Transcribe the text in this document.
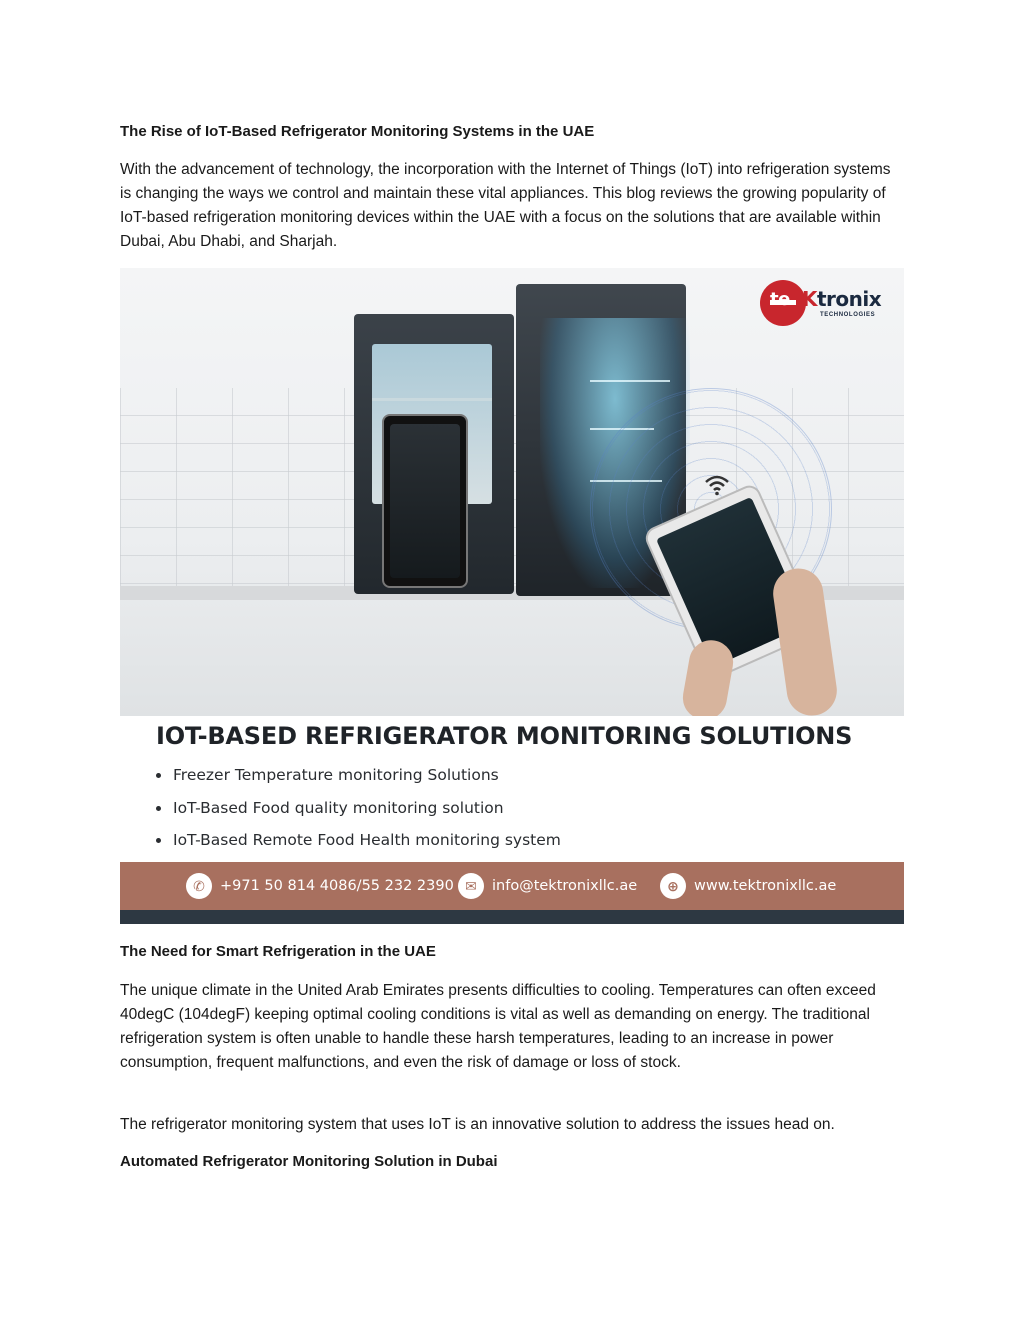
The Rise of IoT-Based Refrigerator Monitoring Systems in the UAE

With the advancement of technology, the incorporation with the Internet of Things (IoT) into refrigeration systems is changing the ways we control and maintain these vital appliances. This blog reviews the growing popularity of IoT-based refrigeration monitoring devices within the UAE with a focus on the solutions that are available within Dubai, Abu Dhabi, and Sharjah.

te Ktronix
TECHNOLOGIES
IOT-BASED REFRIGERATOR MONITORING SOLUTIONS
Freezer Temperature monitoring Solutions
IoT-Based Food quality monitoring solution
IoT-Based Remote Food Health monitoring system
✆	+971 50 814 4086/55 232 2390 ✉	info@tektronixllc.ae	⊕	www.tektronixllc.ae
The Need for Smart Refrigeration in the UAE

The unique climate in the United Arab Emirates presents difficulties to cooling. Temperatures can often exceed 40degC (104degF) keeping optimal cooling conditions is vital as well as demanding on energy. The traditional refrigeration system is often unable to handle these harsh temperatures, leading to an increase in power consumption, frequent malfunctions, and even the risk of damage or loss of stock.

The refrigerator monitoring system that uses IoT is an innovative solution to address the issues head on.

Automated Refrigerator Monitoring Solution in Dubai
